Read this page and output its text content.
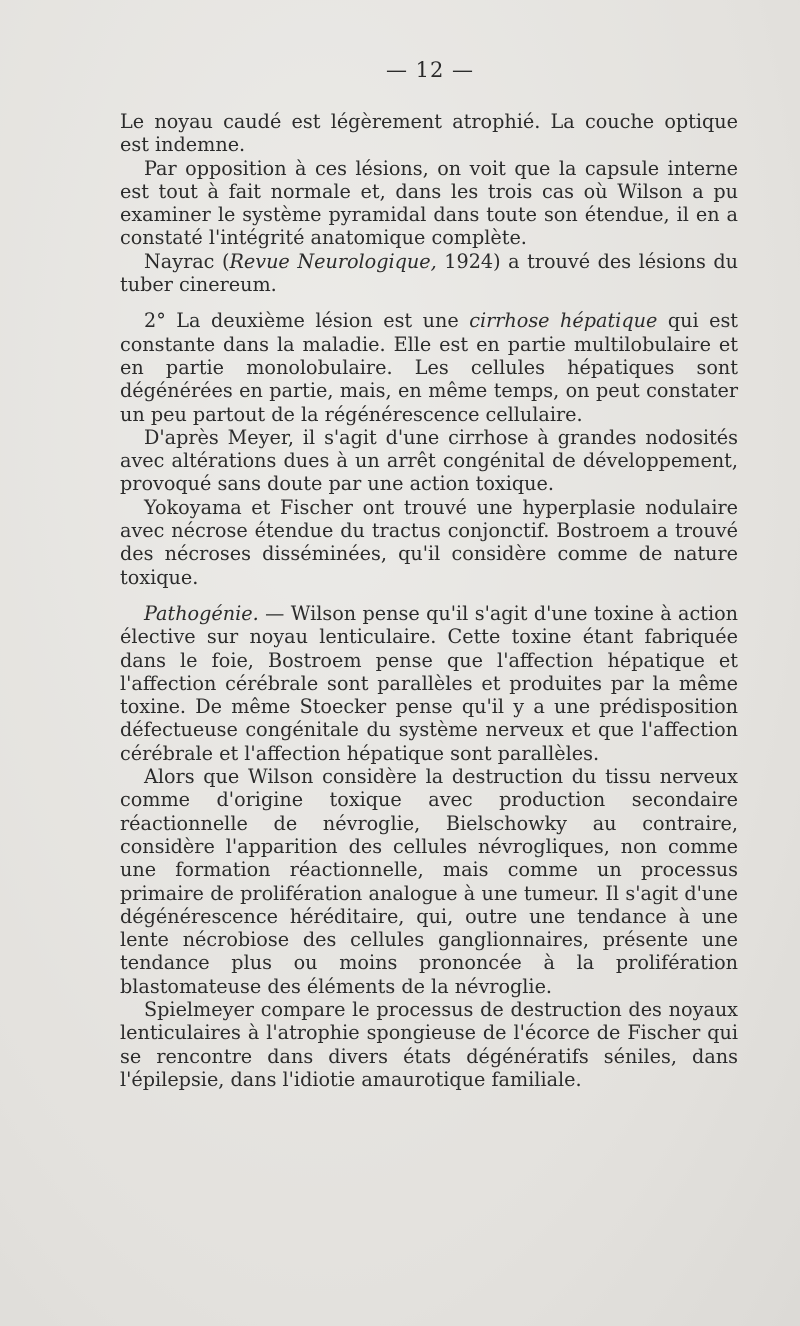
— 12 —

Le noyau caudé est légèrement atrophié. La couche optique est indemne.

Par opposition à ces lésions, on voit que la capsule interne est tout à fait normale et, dans les trois cas où Wilson a pu examiner le système pyramidal dans toute son étendue, il en a constaté l'intégrité anatomique complète.

Nayrac (Revue Neurologique, 1924) a trouvé des lésions du tuber cinereum.

2° La deuxième lésion est une cirrhose hépatique qui est constante dans la maladie. Elle est en partie multilobulaire et en partie monolobulaire. Les cellules hépatiques sont dégénérées en partie, mais, en même temps, on peut constater un peu partout de la régénérescence cellulaire.

D'après Meyer, il s'agit d'une cirrhose à grandes nodosités avec altérations dues à un arrêt congénital de développement, provoqué sans doute par une action toxique.

Yokoyama et Fischer ont trouvé une hyperplasie nodulaire avec nécrose étendue du tractus conjonctif. Bostroem a trouvé des nécroses disséminées, qu'il considère comme de nature toxique.

Pathogénie. — Wilson pense qu'il s'agit d'une toxine à action élective sur noyau lenticulaire. Cette toxine étant fabriquée dans le foie, Bostroem pense que l'affection hépatique et l'affection cérébrale sont parallèles et produites par la même toxine. De même Stoecker pense qu'il y a une prédisposition défectueuse congénitale du système nerveux et que l'affection cérébrale et l'affection hépatique sont parallèles.

Alors que Wilson considère la destruction du tissu nerveux comme d'origine toxique avec production secondaire réactionnelle de névroglie, Bielschowky au contraire, considère l'apparition des cellules névrogliques, non comme une formation réactionnelle, mais comme un processus primaire de prolifération analogue à une tumeur. Il s'agit d'une dégénérescence héréditaire, qui, outre une tendance à une lente nécrobiose des cellules ganglionnaires, présente une tendance plus ou moins prononcée à la prolifération blastomateuse des éléments de la névroglie.

Spielmeyer compare le processus de destruction des noyaux lenticulaires à l'atrophie spongieuse de l'écorce de Fischer qui se rencontre dans divers états dégénératifs séniles, dans l'épilepsie, dans l'idiotie amaurotique familiale.
